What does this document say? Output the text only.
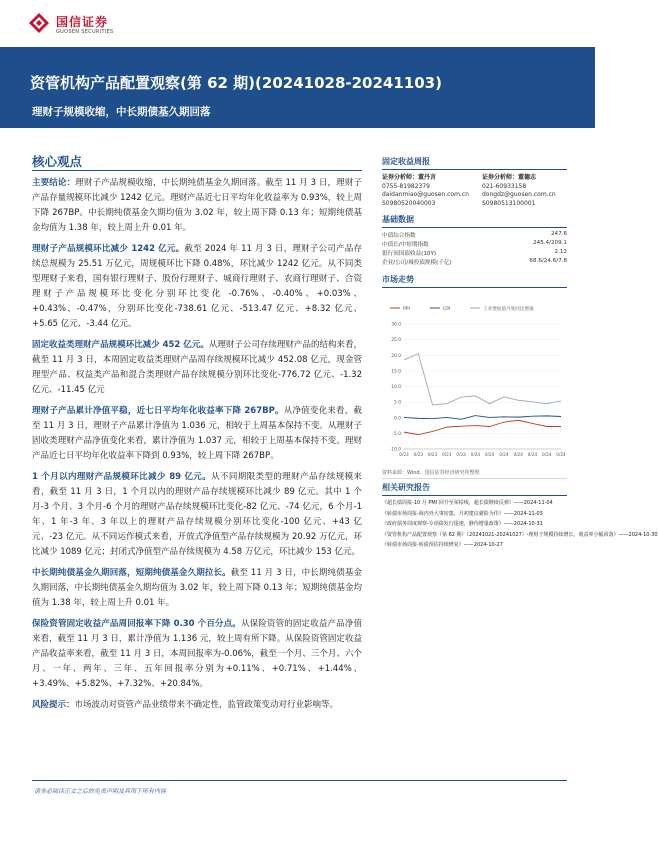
国信证券
GUOSEN SECURITIES
资管机构产品配置观察(第 62 期)(20241028-20241103)
理财子规模收缩，中长期债基久期回落
核心观点

主要结论：理财子产品规模收缩，中长期纯债基金久期回落。截至 11 月 3 日，理财子产品存量规模环比减少 1242 亿元。理财产品近七日平均年化收益率为 0.93%，较上周下降 267BP。中长期纯债基金久期均值为 3.02 年，较上周下降 0.13 年；短期纯债基金均值为 1.38 年，较上周上升 0.01 年。

理财子产品规模环比减少 1242 亿元。截至 2024 年 11 月 3 日，理财子公司产品存续总规模为 25.51 万亿元，周规模环比下降 0.48%，环比减少 1242 亿元。从不同类型理财子来看，国有银行理财子、股份行理财子、城商行理财子、农商行理财子、合资理财子产品规模环比变化分别环比变化 -0.76%、-0.40%、+0.03%、+0.43%、-0.47%，分别环比变化-738.61 亿元、-513.47 亿元、+8.32 亿元、+5.65 亿元、-3.44 亿元。

固定收益类理财产品规模环比减少 452 亿元。从理财子公司存续理财产品的结构来看，截至 11 月 3 日，本周固定收益类理财产品周存续规模环比减少 452.08 亿元，现金管理型产品、权益类产品和混合类理财产品存续规模分别环比变化-776.72 亿元、-1.32 亿元、-11.45 亿元

理财子产品累计净值平稳，近七日平均年化收益率下降 267BP。从净值变化来看，截至 11 月 3 日，理财子产品累计净值为 1.036 元，相较于上周基本保持不变。从理财子固收类理财产品净值变化来看，累计净值为 1.037 元，相较于上周基本保持不变。理财产品近七日平均年化收益率下降到 0.93%，较上周下降 267BP。

1 个月以内理财产品规模环比减少 89 亿元。从不同期限类型的理财产品存续规模来看，截至 11 月 3 日，1 个月以内的理财产品存续规模环比减少 89 亿元。其中 1 个月-3 个月、3 个月-6 个月的理财产品存续规模环比变化-82 亿元、-74 亿元，6 个月-1 年、1 年-3 年、3 年以上的理财产品存续规模分别环比变化-100 亿元、+43 亿元、-23 亿元。从不同运作模式来看，开放式净值型产品存续规模为 20.92 万亿元，环比减少 1089 亿元；封闭式净值型产品存续规模为 4.58 万亿元，环比减少 153 亿元。

中长期纯债基金久期回落，短期纯债基金久期拉长。截至 11 月 3 日，中长期纯债基金久期回落，中长期纯债基金久期均值为 3.02 年，较上周下降 0.13 年；短期纯债基金均值为 1.38 年，较上周上升 0.01 年。

保险资管固定收益产品周回报率下降 0.30 个百分点。从保险资管的固定收益产品净值来看，截至 11 月 3 日，累计净值为 1.136 元，较上周有所下降。从保险资管固定收益产品收益率来看，截至 11 月 3 日，本周回报率为-0.06%，截至一个月、三个月、六个月、一年、两年、三年、五年回报率分别为+0.11%、+0.71%、+1.44%、+3.49%、+5.82%、+7.32%、+20.84%。

风险提示：市场波动对资管产品业绩带来不确定性，监管政策变动对行业影响等。

固定收益周报
证券分析师：董丹言
0755-81982379
daidanmiao@guosen.com.cn
S0980520040003
证券分析师：董德志
021-60933158
dongdz@guosen.com.cn
S0980513100001
基础数据
中债综合指数	247.6
中债长/中短期指数	245.4/209.1
银行间国债收益(10Y)	2.12
企业/公司/城投债规模(千亿)	68.6/24.6/7.8
市场走势
PPI	CPI	工业增加值月度同比增速
-10.0
-5.0
0.0
5.0
10.0
15.0
20.0
25.0
30.0
0/23 0/23 0/23 0/23 0/23 0/24 0/24 0/24 0/24 0/24 0/24 0/24
资料来源：Wind、国信证券经济研究所整理
相关研究报告
《超长债周报-10 月 PMI 回升至荣枯线，超长债继续反弹》——2024-11-04
《转债市场周报-海内外大事密集，月初建议避险为佳》——2024-11-03
《政府债务周度观察-专项债发行提速，静待增量政策》——2024-10-31
《资管机构产品配置观察（第 62 期）（20241021-20241027）-理财子规模持续增长，收益率小幅回落》——2024-10-30
《转债市场周报-转债预估持续修复》——2024-10-27
请务必阅读正文之后的免责声明及其项下所有内容
